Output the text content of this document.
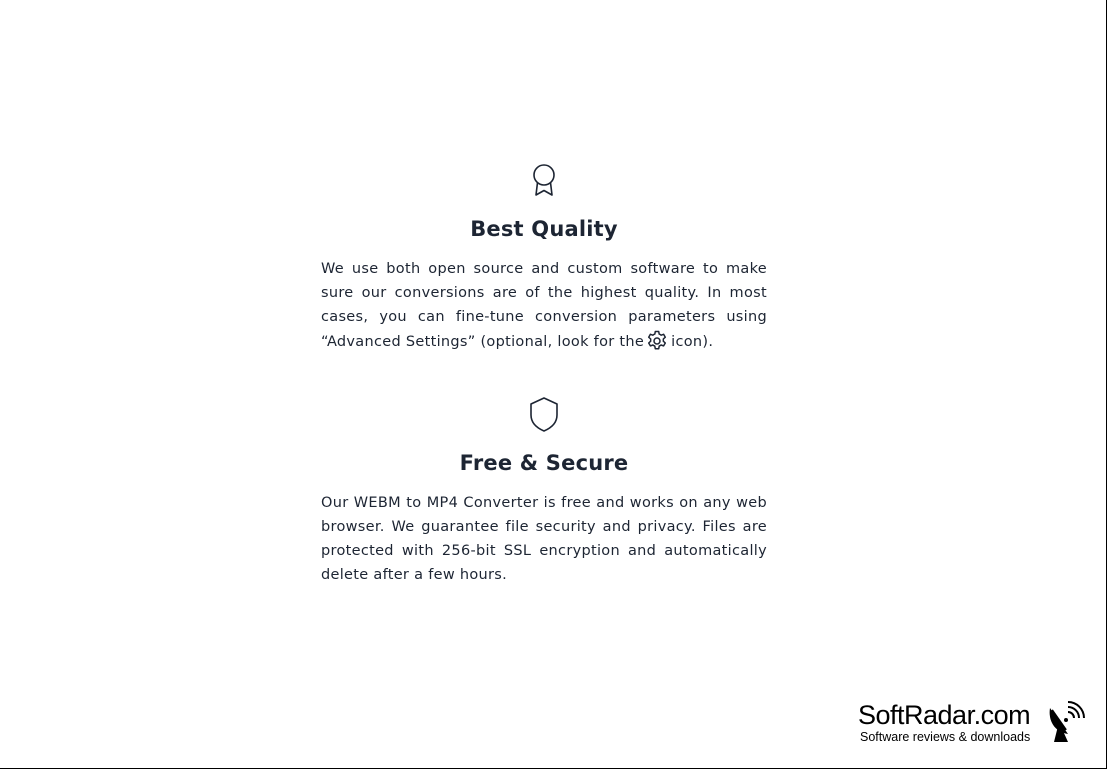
Best Quality

We use both open source and custom software to make sure our conversions are of the highest quality. In most cases, you can fine-tune conversion parameters using “Advanced Settings” (optional, look for the icon).

Free & Secure

Our WEBM to MP4 Converter is free and works on any web browser. We guarantee file security and privacy. Files are protected with 256-bit SSL encryption and automatically delete after a few hours.

SoftRadar.com
Software reviews & downloads
